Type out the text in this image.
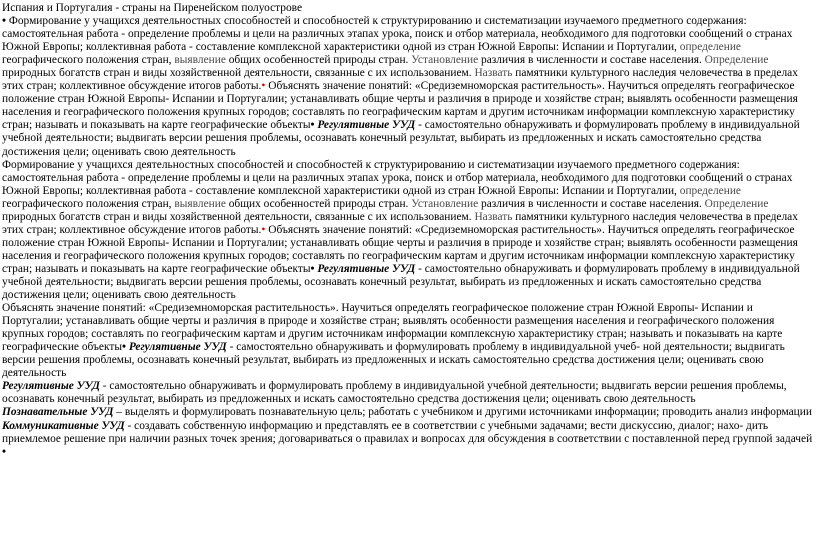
Испания и Португалия - страны на Пиренейском полуострове

• Формирование у учащихся деятельностных способностей и способностей к структурированию и систематизации изучаемого предметного содержания: самостоятельная работа - определение проблемы и цели на различных этапах урока, поиск и отбор материала, необходимого для подготовки сообщений о странах Южной Европы; коллективная работа - составление комплексной характеристики одной из стран Южной Европы: Испании и Португалии, определение географического положения стран, выявление общих особенностей природы стран. Установление различия в численности и составе населения. Определение природных богатств стран и виды хозяйственной деятельности, связанные с их использованием. Назвать памятники культурного наследия человечества в пределах этих стран; коллективное обсуждение итогов работы.• Объяснять значение понятий: «Средиземноморская растительность». Научиться определять географическое положение стран Южной Европы- Испании и Португалии; устанавливать общие черты и различия в природе и хозяйстве стран; выявлять особенности размещения населения и географического положения крупных городов; составлять по географическим картам и другим источникам информации комплексную характеристику стран; называть и показывать на карте географические объекты• Регулятивные УУД - самостоятельно обнаруживать и формулировать проблему в индивидуальной учебной деятельности; выдвигать версии решения проблемы, осознавать конечный результат, выбирать из предложенных и искать самостоятельно средства достижения цели; оценивать свою деятельность

Формирование у учащихся деятельностных способностей и способностей к структурированию и систематизации изучаемого предметного содержания: самостоятельная работа - определение проблемы и цели на различных этапах урока, поиск и отбор материала, необходимого для подготовки сообщений о странах Южной Европы; коллективная работа - составление комплексной характеристики одной из стран Южной Европы: Испании и Португалии, определение географического положения стран, выявление общих особенностей природы стран. Установление различия в численности и составе населения. Определение природных богатств стран и виды хозяйственной деятельности, связанные с их использованием. Назвать памятники культурного наследия человечества в пределах этих стран; коллективное обсуждение итогов работы.• Объяснять значение понятий: «Средиземноморская растительность». Научиться определять географическое положение стран Южной Европы- Испании и Португалии; устанавливать общие черты и различия в природе и хозяйстве стран; выявлять особенности размещения населения и географического положения крупных городов; составлять по географическим картам и другим источникам информации комплексную характеристику стран; называть и показывать на карте географические объекты• Регулятивные УУД - самостоятельно обнаруживать и формулировать проблему в индивидуальной учебной деятельности; выдвигать версии решения проблемы, осознавать конечный результат, выбирать из предложенных и искать самостоятельно средства достижения цели; оценивать свою деятельность

Объяснять значение понятий: «Средиземноморская растительность». Научиться определять географическое положение стран Южной Европы- Испании и Португалии; устанавливать общие черты и различия в природе и хозяйстве стран; выявлять особенности размещения населения и географического положения крупных городов; составлять по географическим картам и другим источникам информации комплексную характеристику стран; называть и показывать на карте географические объекты• Регулятивные УУД - самостоятельно обнаруживать и формулировать проблему в индивидуальной учеб- ной деятельности; выдвигать версии решения проблемы, осознавать конечный результат, выбирать из предложенных и искать самостоятельно средства достижения цели; оценивать свою деятельность

Регулятивные УУД - самостоятельно обнаруживать и формулировать проблему в индивидуальной учебной деятельности; выдвигать версии решения проблемы, осознавать конечный результат, выбирать из предложенных и искать самостоятельно средства достижения цели; оценивать свою деятельность

Познавательные УУД – выделять и формулировать познавательную цель; работать с учебником и другими источниками информации; проводить анализ информации

Коммуникативные УУД - создавать собственную информацию и представлять ее в соответствии с учебными задачами; вести дискуссию, диалог; нахо- дить приемлемое решение при наличии разных точек зрения; договариваться о правилах и вопросах для обсуждения в соответствии с поставленной перед группой задачей

•
